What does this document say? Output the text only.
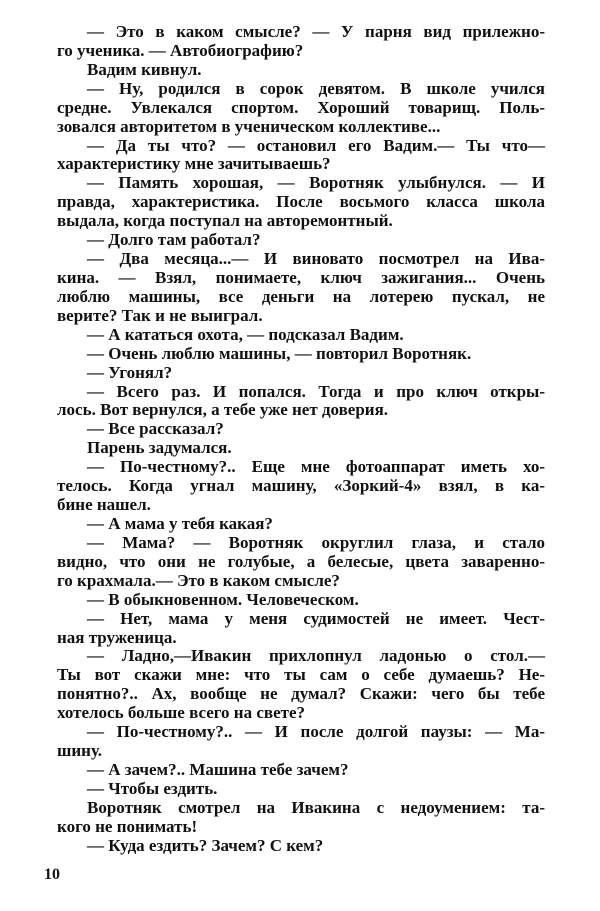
— Это в каком смысле? — У парня вид прилежно-
го ученика. — Автобиографию?
Вадим кивнул.
— Ну, родился в сорок девятом. В школе учился
средне. Увлекался спортом. Хороший товарищ. Поль-
зовался авторитетом в ученическом коллективе...
— Да ты что? — остановил его Вадим.— Ты что—
характеристику мне зачитываешь?
— Память хорошая, — Воротняк улыбнулся. — И
правда, характеристика. После восьмого класса школа
выдала, когда поступал на авторемонтный.
— Долго там работал?
— Два месяца...— И виновато посмотрел на Ива-
кина. — Взял, понимаете, ключ зажигания... Очень
люблю машины, все деньги на лотерею пускал, не
верите? Так и не выиграл.
— А кататься охота, — подсказал Вадим.
— Очень люблю машины, — повторил Воротняк.
— Угонял?
— Всего раз. И попался. Тогда и про ключ откры-
лось. Вот вернулся, а тебе уже нет доверия.
— Все рассказал?
Парень задумался.
— По-честному?.. Еще мне фотоаппарат иметь хо-
телось. Когда угнал машину, «Зоркий-4» взял, в ка-
бине нашел.
— А мама у тебя какая?
— Мама? — Воротняк округлил глаза, и стало
видно, что они не голубые, а белесые, цвета заваренно-
го крахмала.— Это в каком смысле?
— В обыкновенном. Человеческом.
— Нет, мама у меня судимостей не имеет. Чест-
ная труженица.
— Ладно,—Ивакин прихлопнул ладонью о стол.—
Ты вот скажи мне: что ты сам о себе думаешь? Не-
понятно?.. Ах, вообще не думал? Скажи: чего бы тебе
хотелось больше всего на свете?
— По-честному?.. — И после долгой паузы: — Ма-
шину.
— А зачем?.. Машина тебе зачем?
— Чтобы ездить.
Воротняк смотрел на Ивакина с недоумением: та-
кого не понимать!
— Куда ездить? Зачем? С кем?
10
